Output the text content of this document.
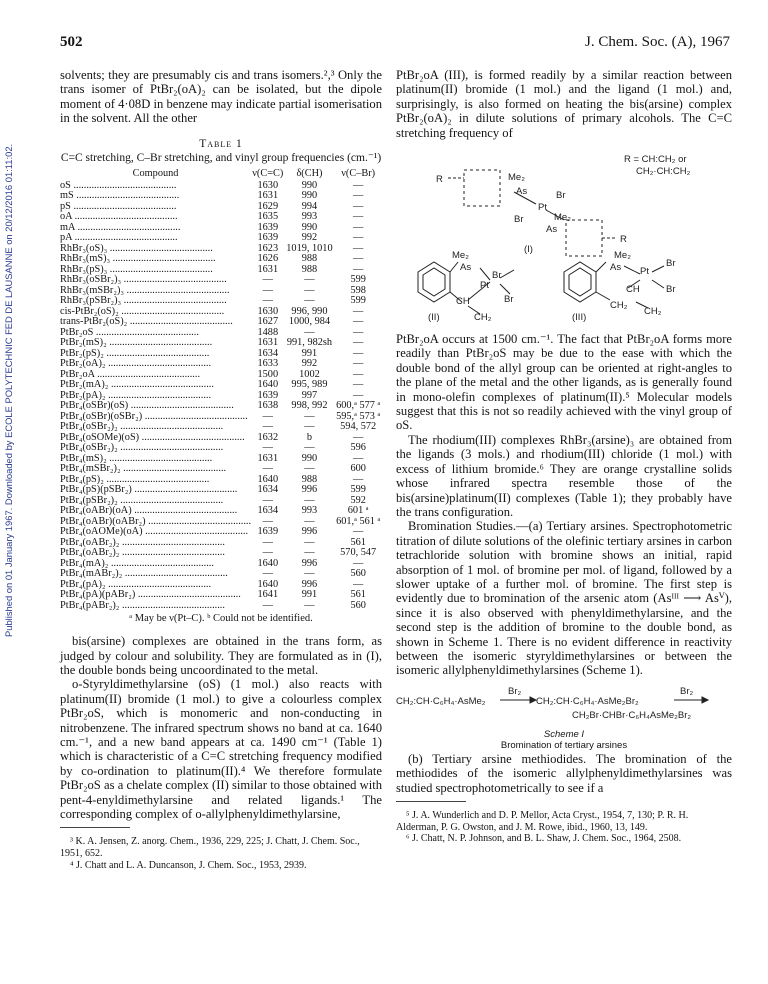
Published on 01 January 1967. Downloaded by ECOLE POLYTECHNIC FED DE LAUSANNE on 20/12/2016 01:11:02.
502	J. Chem. Soc. (A), 1967

solvents; they are presumably cis and trans isomers.²,³ Only the trans isomer of PtBr₂(oA)₂ can be isolated, but the dipole moment of 4·08D in benzene may indicate partial isomerisation in the solvent. All the other

Table 1
C=C stretching, C–Br stretching, and vinyl group frequencies (cm.⁻¹)
Compound	ν(C=C)	δ(CH)	ν(C–Br)
oS ........................................	1630	990	—
mS ........................................	1631	990	—
pS ........................................	1629	994	—
oA ........................................	1635	993	—
mA ........................................	1639	990	—
pA ........................................	1639	992	—
RhBr₃(oS)₃ ........................................	1623	1019, 1010	—
RhBr₃(mS)₃ ........................................	1626	988	—
RhBr₃(pS)₃ ........................................	1631	988	—
RhBr₃(oSBr₂)₃ ........................................	—	—	599
RhBr₃(mSBr₂)₃ ........................................	—	—	598
RhBr₃(pSBr₂)₃ ........................................	—	—	599
cis-PtBr₂(oS)₂ ........................................	1630	996, 990	—
trans-PtBr₂(oS)₂ ........................................	1627	1000, 984	—
PtBr₂oS ........................................	1488	—	—
PtBr₂(mS)₂ ........................................	1631	991, 982sh	—
PtBr₂(pS)₂ ........................................	1634	991	—
PtBr₂(oA)₂ ........................................	1633	992	—
PtBr₂oA ........................................	1500	1002	—
PtBr₂(mA)₂ ........................................	1640	995, 989	—
PtBr₂(pA)₂ ........................................	1639	997	—
PtBr₄(oSBr)(oS) ........................................	1638	998, 992	600,ᵃ 577 ᵃ
PtBr₄(oSBr)(oSBr₂) ........................................	—	—	595,ᵃ 573 ᵃ
PtBr₄(oSBr₂)₂ ........................................	—	—	594, 572
PtBr₄(oSOMe)(oS) ........................................	1632	b	—
PtBr₄(oSBr₂)₂ ........................................	—	—	596
PtBr₄(mS)₂ ........................................	1631	990	—
PtBr₄(mSBr₂)₂ ........................................	—	—	600
PtBr₄(pS)₂ ........................................	1640	988	—
PtBr₄(pS)(pSBr₂) ........................................	1634	996	599
PtBr₄(pSBr₂)₂ ........................................	—	—	592
PtBr₄(oABr)(oA) ........................................	1634	993	601 ᵃ
PtBr₄(oABr)(oABr₂) ........................................	—	—	601,ᵃ 561 ᵃ
PtBr₄(oAOMe)(oA) ........................................	1639	996	—
PtBr₄(oABr₂)₂ ........................................	—	—	561
PtBr₄(oABr₂)₂ ........................................	—	—	570, 547
PtBr₄(mA)₂ ........................................	1640	996	—
PtBr₄(mABr₂)₂ ........................................	—	—	560
PtBr₄(pA)₂ ........................................	1640	996	—
PtBr₄(pA)(pABr₂) ........................................	1641	991	561
PtBr₄(pABr₂)₂ ........................................	—	—	560
ᵃ May be ν(Pt–C). ᵇ Could not be identified.

bis(arsine) complexes are obtained in the trans form, as judged by colour and solubility. They are formulated as in (I), the double bonds being uncoordinated to the metal.

o-Styryldimethylarsine (oS) (1 mol.) also reacts with platinum(II) bromide (1 mol.) to give a colourless complex PtBr₂oS, which is monomeric and non-conducting in nitrobenzene. The infrared spectrum shows no band at ca. 1640 cm.⁻¹, and a new band appears at ca. 1490 cm⁻¹ (Table 1) which is characteristic of a C=C stretching frequency modified by co-ordination to platinum(II).⁴ We therefore formulate PtBr₂oS as a chelate complex (II) similar to those obtained with pent-4-enyldimethylarsine and related ligands.¹ The corresponding complex of o-allylphenyldimethylarsine,

³ K. A. Jensen, Z. anorg. Chem., 1936, 229, 225; J. Chatt, J. Chem. Soc., 1951, 652.
⁴ J. Chatt and L. A. Duncanson, J. Chem. Soc., 1953, 2939.

PtBr₂oA (III), is formed readily by a similar reaction between platinum(II) bromide (1 mol.) and the ligand (1 mol.) and, surprisingly, is also formed on heating the bis(arsine) complex PtBr₂(oA)₂ in dilute solutions of primary alcohols. The C=C stretching frequency of

R	Me₂
As
Pt
Br
Br	Me₂
As
R
(I)
R = CH:CH₂ or
CH₂·CH:CH₂
Me₂
As
Br
Pt
Br
CH
CH₂
(II)
Me₂
As Pt
Br
Br
CH
CH₂
CH₂
(III)

PtBr₂oA occurs at 1500 cm.⁻¹. The fact that PtBr₂oA forms more readily than PtBr₂oS may be due to the ease with which the double bond of the allyl group can be oriented at right-angles to the plane of the metal and the other ligands, as is generally found in mono-olefin complexes of platinum(II).⁵ Molecular models suggest that this is not so readily achieved with the vinyl group of oS.

The rhodium(III) complexes RhBr₃(arsine)₃ are obtained from the ligands (3 mols.) and rhodium(III) chloride (1 mol.) with excess of lithium bromide.⁶ They are orange crystalline solids whose infrared spectra resemble those of the bis(arsine)platinum(II) complexes (Table 1); they probably have the trans configuration.

Bromination Studies.—(a) Tertiary arsines. Spectrophotometric titration of dilute solutions of the olefinic tertiary arsines in carbon tetrachloride solution with bromine shows an initial, rapid absorption of 1 mol. of bromine per mol. of ligand, followed by a slower uptake of a further mol. of bromine. The first step is evidently due to bromination of the arsenic atom (Asᴵᴵᴵ ⟶ Asⱽ), since it is also observed with phenyldimethylarsine, and the second step is the addition of bromine to the double bond, as shown in Scheme 1. There is no evident difference in reactivity between the isomeric styryldimethylarsines or between the isomeric allylphenyldimethylarsines (Scheme 1).

CH₂:CH·C₆H₄·AsMe₂
Br₂
CH₂:CH·C₆H₄·AsMe₂Br₂
Br₂
CH₂Br·CHBr·C₆H₄AsMe₂Br₂
Scheme I
Bromination of tertiary arsines

(b) Tertiary arsine methiodides. The bromination of the methiodides of the isomeric allylphenyldimethylarsines was studied spectrophotometrically to see if a

⁵ J. A. Wunderlich and D. P. Mellor, Acta Cryst., 1954, 7, 130; P. R. H. Alderman, P. G. Owston, and J. M. Rowe, ibid., 1960, 13, 149.
⁶ J. Chatt, N. P. Johnson, and B. L. Shaw, J. Chem. Soc., 1964, 2508.
